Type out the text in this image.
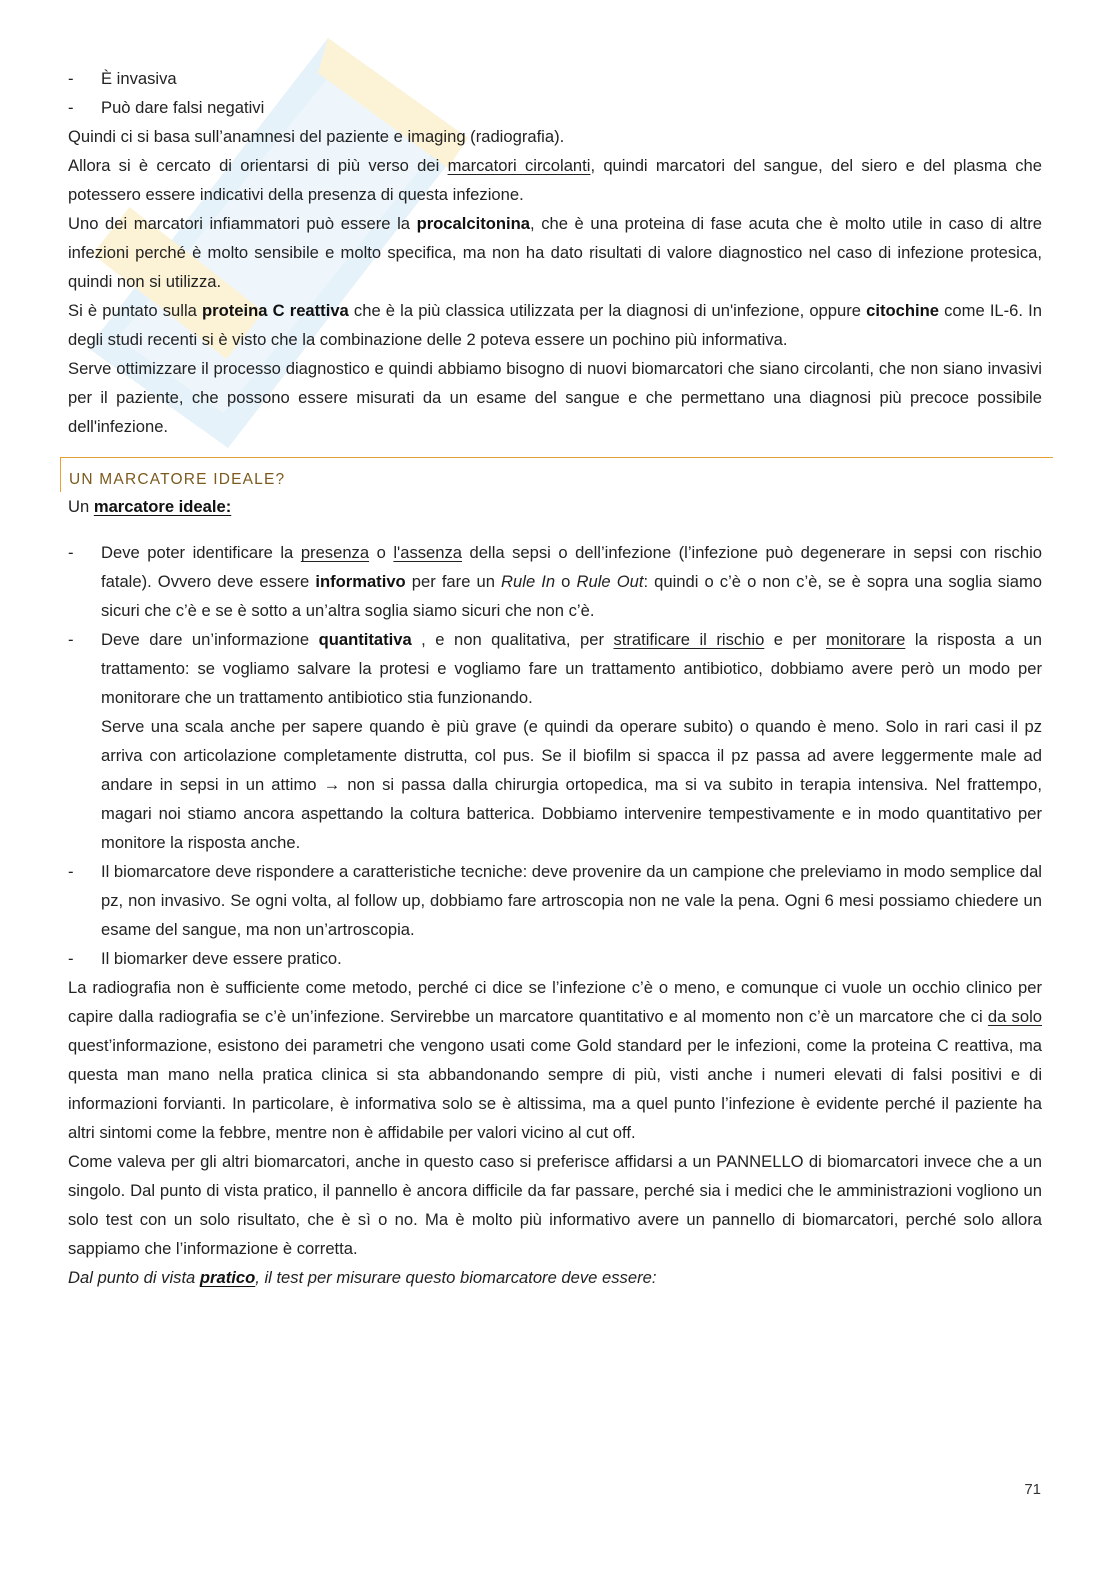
- È invasiva
- Può dare falsi negativi

Quindi ci si basa sull’anamnesi del paziente e imaging (radiografia).

Allora si è cercato di orientarsi di più verso dei marcatori circolanti, quindi marcatori del sangue, del siero e del plasma che potessero essere indicativi della presenza di questa infezione.

Uno dei marcatori infiammatori può essere la procalcitonina, che è una proteina di fase acuta che è molto utile in caso di altre infezioni perché è molto sensibile e molto specifica, ma non ha dato risultati di valore diagnostico nel caso di infezione protesica, quindi non si utilizza.

Si è puntato sulla proteina C reattiva che è la più classica utilizzata per la diagnosi di un'infezione, oppure citochine come IL-6. In degli studi recenti si è visto che la combinazione delle 2 poteva essere un pochino più informativa.

Serve ottimizzare il processo diagnostico e quindi abbiamo bisogno di nuovi biomarcatori che siano circolanti, che non siano invasivi per il paziente, che possono essere misurati da un esame del sangue e che permettano una diagnosi più precoce possibile dell'infezione.

UN MARCATORE IDEALE?

Un marcatore ideale:

- Deve poter identificare la presenza o l'assenza della sepsi o dell’infezione (l’infezione può degenerare in sepsi con rischio fatale). Ovvero deve essere informativo per fare un Rule In o Rule Out: quindi o c’è o non c’è, se è sopra una soglia siamo sicuri che c’è e se è sotto a un’altra soglia siamo sicuri che non c’è.
- Deve dare un’informazione quantitativa , e non qualitativa, per stratificare il rischio e per monitorare la risposta a un trattamento: se vogliamo salvare la protesi e vogliamo fare un trattamento antibiotico, dobbiamo avere però un modo per monitorare che un trattamento antibiotico stia funzionando.
Serve una scala anche per sapere quando è più grave (e quindi da operare subito) o quando è meno. Solo in rari casi il pz arriva con articolazione completamente distrutta, col pus. Se il biofilm si spacca il pz passa ad avere leggermente male ad andare in sepsi in un attimo → non si passa dalla chirurgia ortopedica, ma si va subito in terapia intensiva. Nel frattempo, magari noi stiamo ancora aspettando la coltura batterica. Dobbiamo intervenire tempestivamente e in modo quantitativo per monitore la risposta anche.
- Il biomarcatore deve rispondere a caratteristiche tecniche: deve provenire da un campione che preleviamo in modo semplice dal pz, non invasivo. Se ogni volta, al follow up, dobbiamo fare artroscopia non ne vale la pena. Ogni 6 mesi possiamo chiedere un esame del sangue, ma non un’artroscopia.
- Il biomarker deve essere pratico.

La radiografia non è sufficiente come metodo, perché ci dice se l’infezione c’è o meno, e comunque ci vuole un occhio clinico per capire dalla radiografia se c’è un’infezione. Servirebbe un marcatore quantitativo e al momento non c’è un marcatore che ci da solo quest’informazione, esistono dei parametri che vengono usati come Gold standard per le infezioni, come la proteina C reattiva, ma questa man mano nella pratica clinica si sta abbandonando sempre di più, visti anche i numeri elevati di falsi positivi e di informazioni forvianti. In particolare, è informativa solo se è altissima, ma a quel punto l’infezione è evidente perché il paziente ha altri sintomi come la febbre, mentre non è affidabile per valori vicino al cut off.

Come valeva per gli altri biomarcatori, anche in questo caso si preferisce affidarsi a un PANNELLO di biomarcatori invece che a un singolo. Dal punto di vista pratico, il pannello è ancora difficile da far passare, perché sia i medici che le amministrazioni vogliono un solo test con un solo risultato, che è sì o no. Ma è molto più informativo avere un pannello di biomarcatori, perché solo allora sappiamo che l’informazione è corretta.

Dal punto di vista pratico, il test per misurare questo biomarcatore deve essere:

71
